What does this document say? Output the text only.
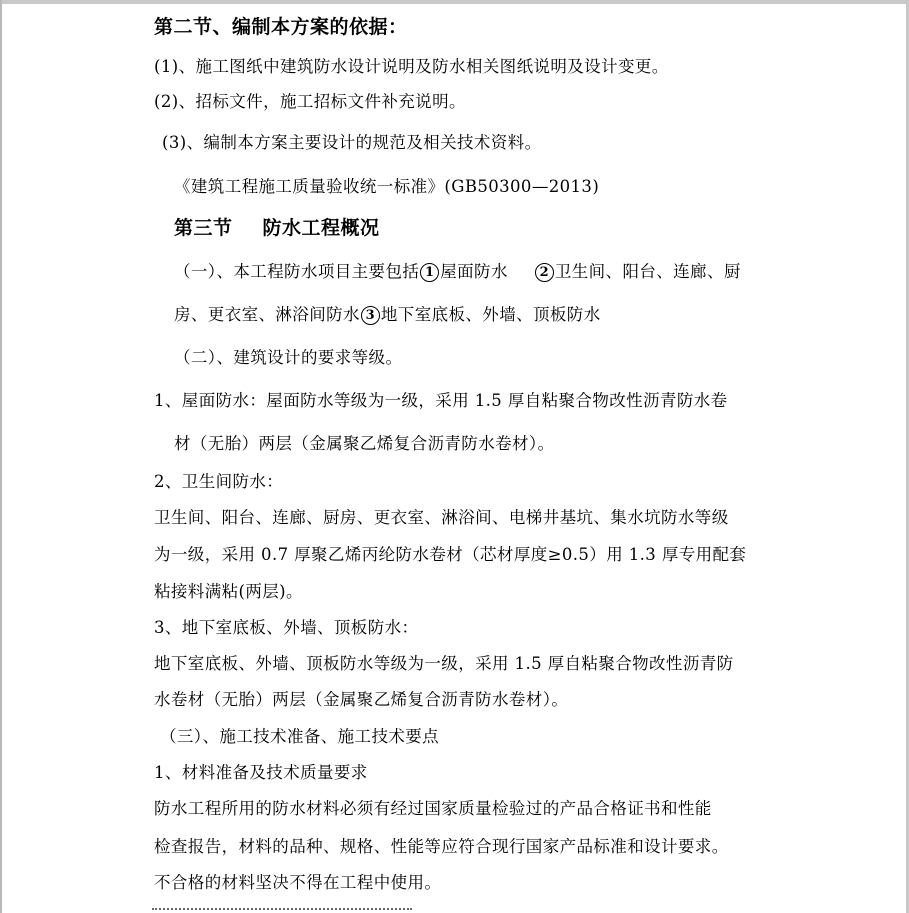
第二节、编制本方案的依据：
(1)、施工图纸中建筑防水设计说明及防水相关图纸说明及设计变更。
(2)、招标文件，施工招标文件补充说明。
(3)、编制本方案主要设计的规范及相关技术资料。
《建筑工程施工质量验收统一标准》(GB50300—2013)
第三节 防水工程概况
（一）、本工程防水项目主要包括 1 屋面防水 2 卫生间、阳台、连廊、厨
房、更衣室、淋浴间防水 3 地下室底板、外墙、顶板防水
（二）、建筑设计的要求等级。
1、屋面防水：屋面防水等级为一级，采用 1.5 厚自粘聚合物改性沥青防水卷
材（无胎）两层（金属聚乙烯复合沥青防水卷材）。
2、卫生间防水：
卫生间、阳台、连廊、厨房、更衣室、淋浴间、电梯井基坑、集水坑防水等级
为一级，采用 0.7 厚聚乙烯丙纶防水卷材（芯材厚度≥0.5）用 1.3 厚专用配套
粘接料满粘(两层)。
3、地下室底板、外墙、顶板防水：
地下室底板、外墙、顶板防水等级为一级，采用 1.5 厚自粘聚合物改性沥青防
水卷材（无胎）两层（金属聚乙烯复合沥青防水卷材）。
（三）、施工技术准备、施工技术要点
1、材料准备及技术质量要求
防水工程所用的防水材料必须有经过国家质量检验过的产品合格证书和性能
检查报告，材料的品种、规格、性能等应符合现行国家产品标准和设计要求。
不合格的材料坚决不得在工程中使用。
